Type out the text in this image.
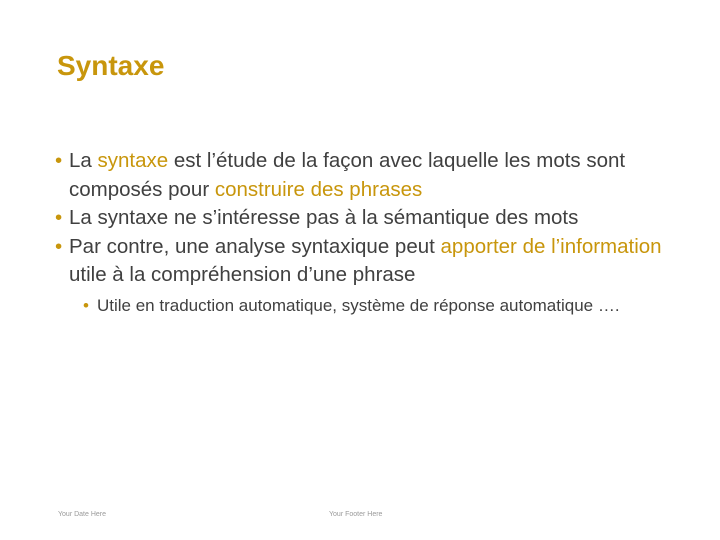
Syntaxe
• La syntaxe est l’étude de la façon avec laquelle les mots sont composés pour construire des phrases
• La syntaxe ne s’intéresse pas à la sémantique des mots
• Par contre, une analyse syntaxique peut apporter de l’information utile à la compréhension d’une phrase
• Utile en traduction automatique, système de réponse automatique ….
Your Date Here	Your Footer Here
